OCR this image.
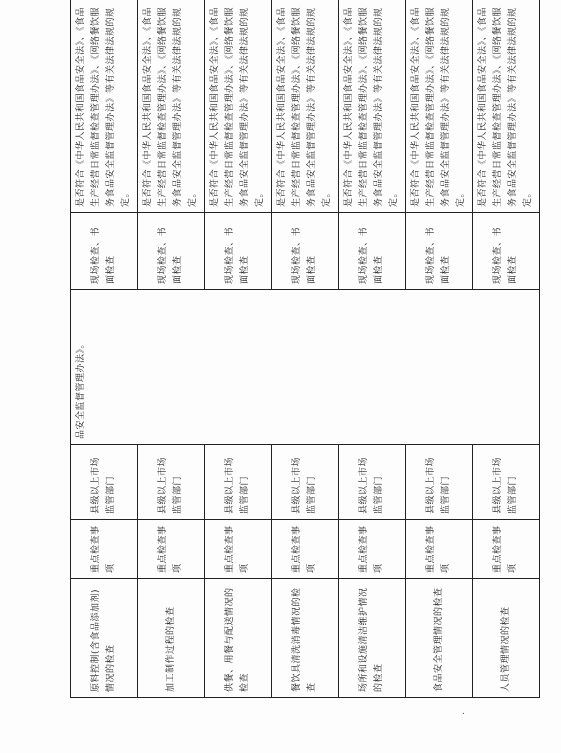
原料控制(含食品添加剂)情况的检查	重点检查事项	县级以上市场监管部门	品安全监督管理办法》。	现场检查、书面检查	是否符合《中华人民共和国食品安全法》、《食品生产经营日常监督检查管理办法》、《网络餐饮服务食品安全监督管理办法》等有关法律法规的规定。
加工制作过程的检查	重点检查事项	县级以上市场监管部门		现场检查、书面检查	是否符合《中华人民共和国食品安全法》、《食品生产经营日常监督检查管理办法》、《网络餐饮服务食品安全监督管理办法》等有关法律法规的规定。
供餐、用餐与配送情况的检查	重点检查事项	县级以上市场监管部门		现场检查、书面检查	是否符合《中华人民共和国食品安全法》、《食品生产经营日常监督检查管理办法》、《网络餐饮服务食品安全监督管理办法》等有关法律法规的规定。
餐饮具清洗消毒情况的检查	重点检查事项	县级以上市场监管部门		现场检查、书面检查	是否符合《中华人民共和国食品安全法》、《食品生产经营日常监督检查管理办法》、《网络餐饮服务食品安全监督管理办法》等有关法律法规的规定。
场所和设施清洁维护情况的检查	重点检查事项	县级以上市场监管部门		现场检查、书面检查	是否符合《中华人民共和国食品安全法》、《食品生产经营日常监督检查管理办法》、《网络餐饮服务食品安全监督管理办法》等有关法律法规的规定。
食品安全管理情况的检查	重点检查事项	县级以上市场监管部门		现场检查、书面检查	是否符合《中华人民共和国食品安全法》、《食品生产经营日常监督检查管理办法》、《网络餐饮服务食品安全监督管理办法》等有关法律法规的规定。
人员管理情况的检查	重点检查事项	县级以上市场监管部门		现场检查、书面检查	是否符合《中华人民共和国食品安全法》、《食品生产经营日常监督检查管理办法》、《网络餐饮服务食品安全监督管理办法》等有关法律法规的规定。
.
